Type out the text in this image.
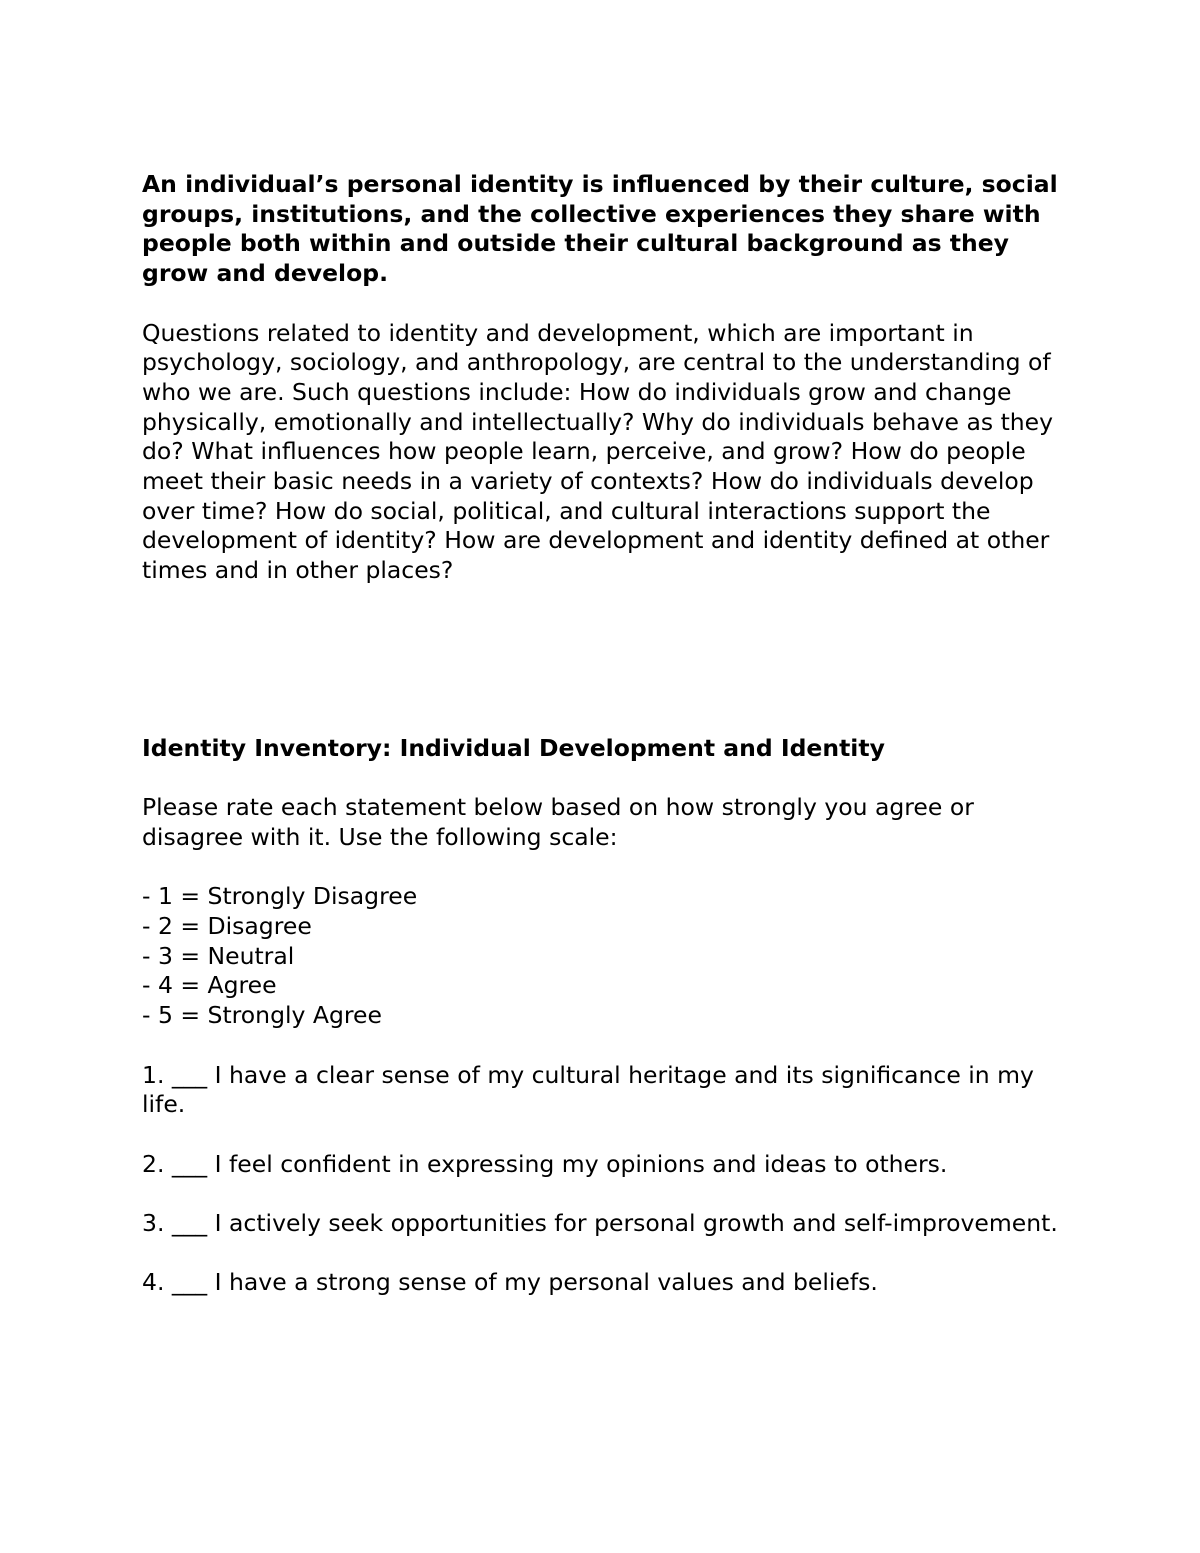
An individual’s personal identity is influenced by their culture, social groups, institutions, and the collective experiences they share with people both within and outside their cultural background as they grow and develop.

Questions related to identity and development, which are important in psychology, sociology, and anthropology, are central to the understanding of who we are. Such questions include: How do individuals grow and change physically, emotionally and intellectually? Why do individuals behave as they do? What influences how people learn, perceive, and grow? How do people meet their basic needs in a variety of contexts? How do individuals develop over time? How do social, political, and cultural interactions support the development of identity? How are development and identity defined at other times and in other places?

Identity Inventory: Individual Development and Identity

Please rate each statement below based on how strongly you agree or disagree with it. Use the following scale:

- 1 = Strongly Disagree
- 2 = Disagree
- 3 = Neutral
- 4 = Agree
- 5 = Strongly Agree

1. ___ I have a clear sense of my cultural heritage and its significance in my life.

2. ___ I feel confident in expressing my opinions and ideas to others.

3. ___ I actively seek opportunities for personal growth and self-improvement.

4. ___ I have a strong sense of my personal values and beliefs.
